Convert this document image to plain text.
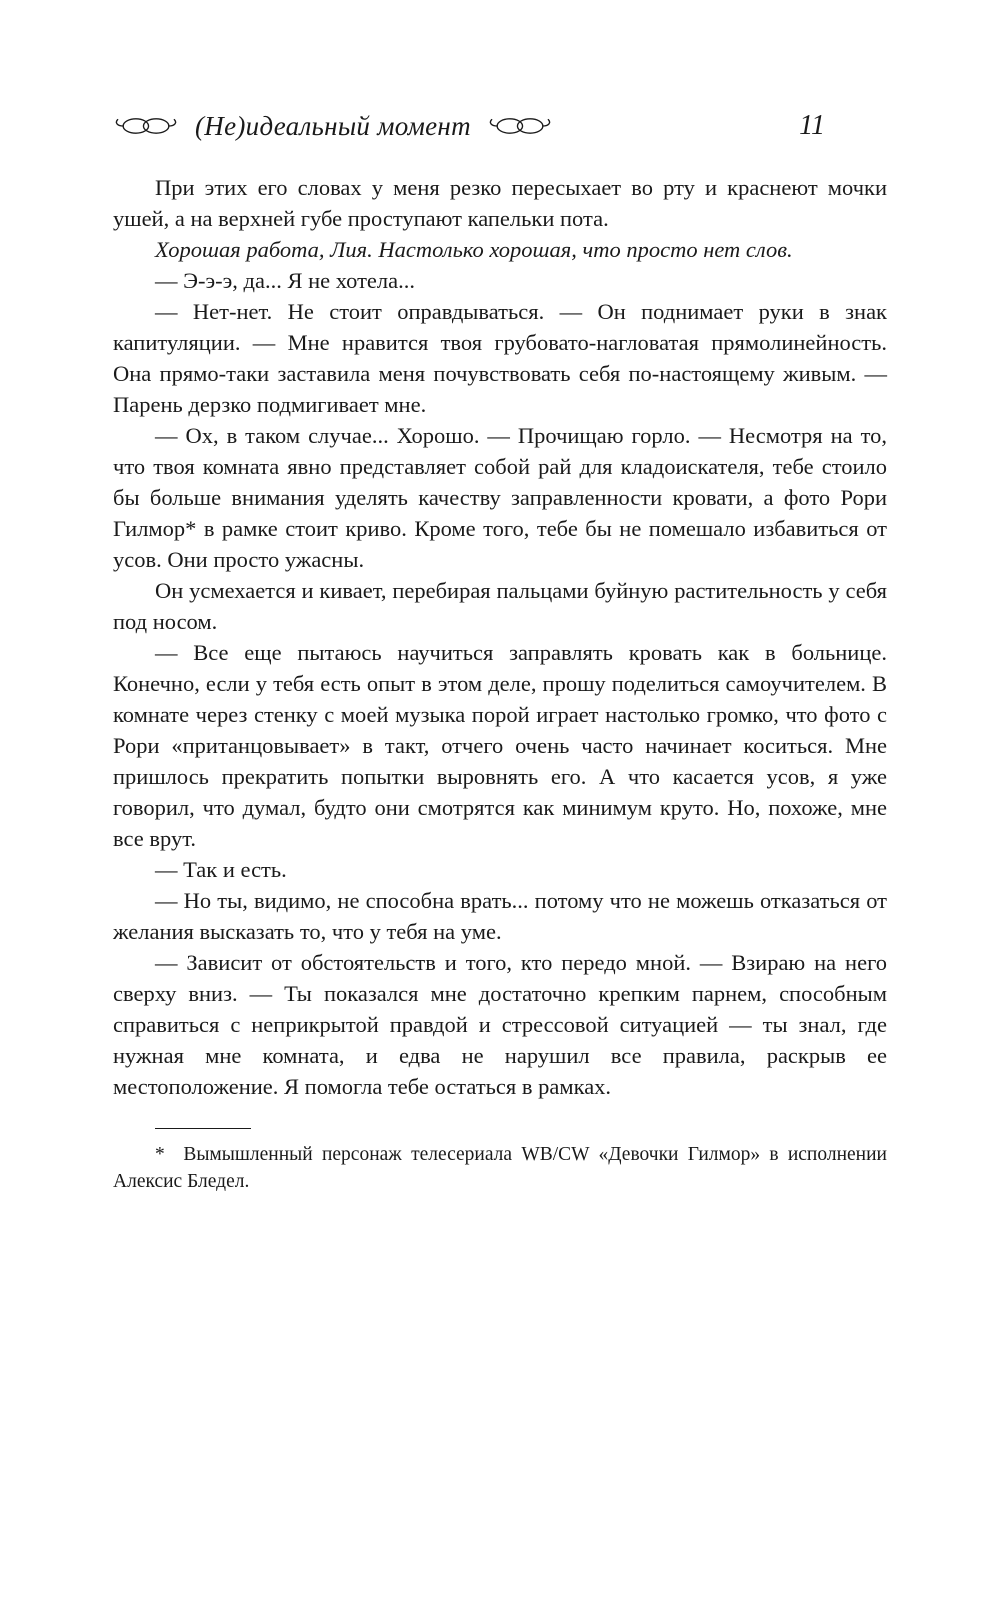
(Не)идеальный момент	11

При этих его словах у меня резко пересыхает во рту и краснеют мочки ушей, а на верхней губе проступают капельки пота.

Хорошая работа, Лия. Настолько хорошая, что просто нет слов.

— Э-э-э, да... Я не хотела...

— Нет-нет. Не стоит оправдываться. — Он поднимает руки в знак капитуляции. — Мне нравится твоя грубовато-нагловатая прямолинейность. Она прямо-таки заставила меня почувствовать себя по-настоящему живым. — Парень дерзко подмигивает мне.

— Ох, в таком случае... Хорошо. — Прочищаю горло. — Несмотря на то, что твоя комната явно представляет собой рай для кладоискателя, тебе стоило бы больше внимания уделять качеству заправленности кровати, а фото Рори Гилмор* в рамке стоит криво. Кроме того, тебе бы не помешало избавиться от усов. Они просто ужасны.

Он усмехается и кивает, перебирая пальцами буйную растительность у себя под носом.

— Все еще пытаюсь научиться заправлять кровать как в больнице. Конечно, если у тебя есть опыт в этом деле, прошу поделиться самоучителем. В комнате через стенку с моей музыка порой играет настолько громко, что фото с Рори «пританцовывает» в такт, отчего очень часто начинает коситься. Мне пришлось прекратить попытки выровнять его. А что касается усов, я уже говорил, что думал, будто они смотрятся как минимум круто. Но, похоже, мне все врут.

— Так и есть.

— Но ты, видимо, не способна врать... потому что не можешь отказаться от желания высказать то, что у тебя на уме.

— Зависит от обстоятельств и того, кто передо мной. — Взираю на него сверху вниз. — Ты показался мне достаточно крепким парнем, способным справиться с неприкрытой правдой и стрессовой ситуацией — ты знал, где нужная мне комната, и едва не нарушил все правила, раскрыв ее местоположение. Я помогла тебе остаться в рамках.

* Вымышленный персонаж телесериала WB/CW «Девочки Гилмор» в исполнении Алексис Бледел.
